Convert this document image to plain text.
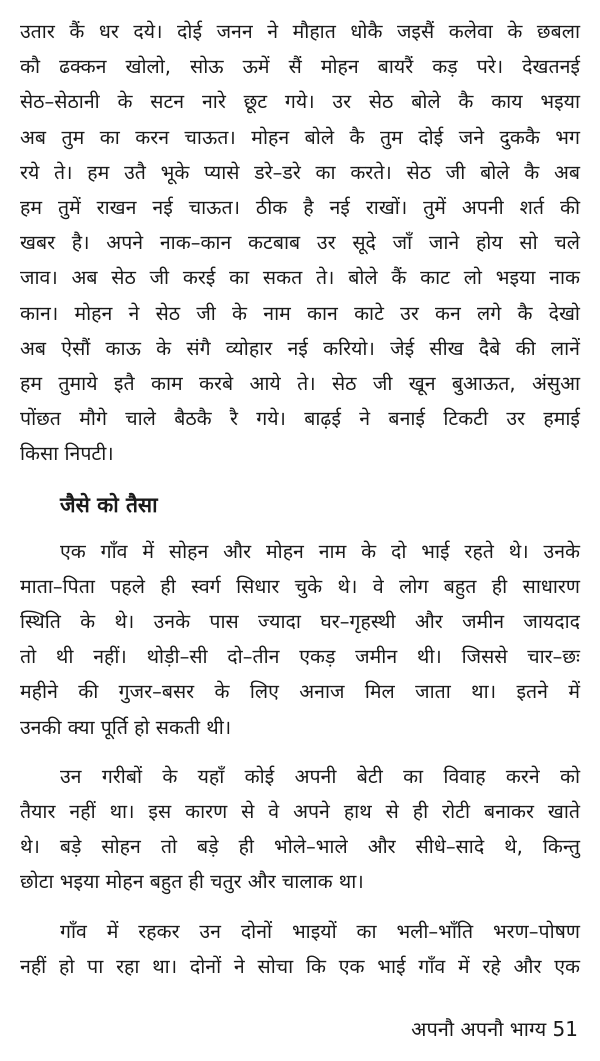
उतार कैं धर दये। दोई जनन ने मौहात धोकै जइसैं कलेवा के छबला
कौ ढक्कन खोलो, सोऊ ऊमें सैं मोहन बायरैं कड़ परे। देखतनई
सेठ–सेठानी के सटन नारे छूट गये। उर सेठ बोले कै काय भइया
अब तुम का करन चाऊत। मोहन बोले कै तुम दोई जने दुककै भग
रये ते। हम उतै भूके प्यासे डरे–डरे का करते। सेठ जी बोले कै अब
हम तुमें राखन नई चाऊत। ठीक है नई राखों। तुमें अपनी शर्त की
खबर है। अपने नाक–कान कटबाब उर सूदे जाँ जाने होय सो चले
जाव। अब सेठ जी करई का सकत ते। बोले कैं काट लो भइया नाक
कान। मोहन ने सेठ जी के नाम कान काटे उर कन लगे कै देखो
अब ऐसौं काऊ के संगै व्योहार नई करियो। जेई सीख दैबे की लानें
हम तुमाये इतै काम करबे आये ते। सेठ जी खून बुआऊत, अंसुआ
पोंछत मौगे चाले बैठकै रै गये। बाढ़ई ने बनाई टिकटी उर हमाई
किसा निपटी।
जैसे को तैसा
एक गाँव में सोहन और मोहन नाम के दो भाई रहते थे। उनके
माता–पिता पहले ही स्वर्ग सिधार चुके थे। वे लोग बहुत ही साधारण
स्थिति के थे। उनके पास ज्यादा घर–गृहस्थी और जमीन जायदाद
तो थी नहीं। थोड़ी–सी दो–तीन एकड़ जमीन थी। जिससे चार–छः
महीने की गुजर–बसर के लिए अनाज मिल जाता था। इतने में
उनकी क्या पूर्ति हो सकती थी।
उन गरीबों के यहाँ कोई अपनी बेटी का विवाह करने को
तैयार नहीं था। इस कारण से वे अपने हाथ से ही रोटी बनाकर खाते
थे। बड़े सोहन तो बड़े ही भोले–भाले और सीधे–सादे थे, किन्तु
छोटा भइया मोहन बहुत ही चतुर और चालाक था।
गाँव में रहकर उन दोनों भाइयों का भली–भाँति भरण–पोषण
नहीं हो पा रहा था। दोनों ने सोचा कि एक भाई गाँव में रहे और एक
अपनौ अपनौ भाग्य 51
